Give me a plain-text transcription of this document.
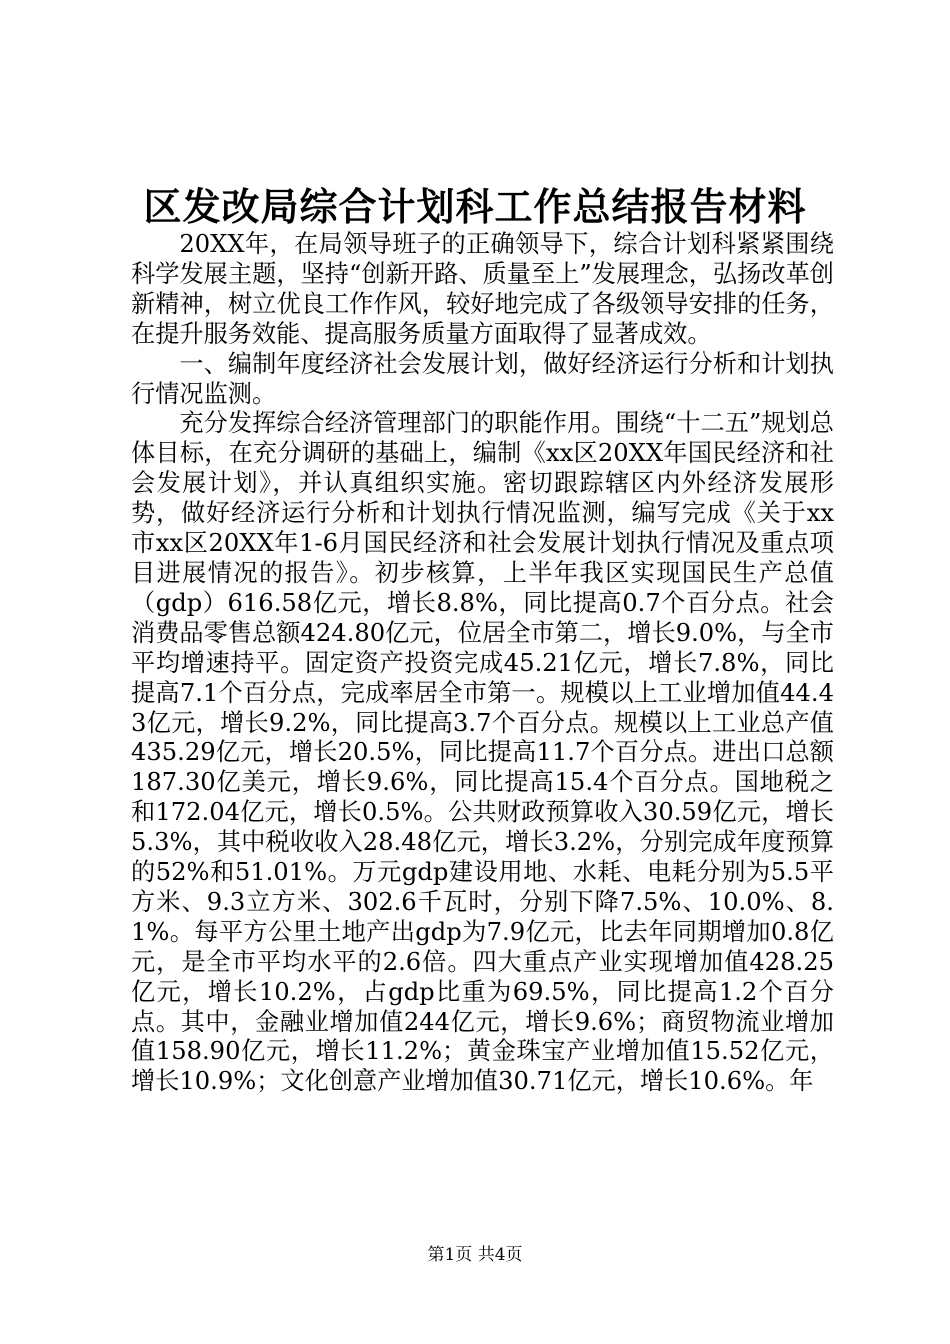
区发改局综合计划科工作总结报告材料

20XX年，在局领导班子的正确领导下，综合计划科紧紧围绕科学发展主题，坚持“创新开路、质量至上”发展理念，弘扬改革创新精神，树立优良工作作风，较好地完成了各级领导安排的任务，在提升服务效能、提高服务质量方面取得了显著成效。

一、编制年度经济社会发展计划，做好经济运行分析和计划执行情况监测。

充分发挥综合经济管理部门的职能作用。围绕“十二五”规划总体目标，在充分调研的基础上，编制《xx区20XX年国民经济和社会发展计划》，并认真组织实施。密切跟踪辖区内外经济发展形势，做好经济运行分析和计划执行情况监测，编写完成《关于xx市xx区20XX年1-6月国民经济和社会发展计划执行情况及重点项目进展情况的报告》。初步核算，上半年我区实现国民生产总值（gdp）616.58亿元，增长8.8%，同比提高0.7个百分点。社会消费品零售总额424.80亿元，位居全市第二，增长9.0%，与全市平均增速持平。固定资产投资完成45.21亿元，增长7.8%，同比提高7.1个百分点，完成率居全市第一。规模以上工业增加值44.43亿元，增长9.2%，同比提高3.7个百分点。规模以上工业总产值435.29亿元，增长20.5%，同比提高11.7个百分点。进出口总额187.30亿美元，增长9.6%，同比提高15.4个百分点。国地税之和172.04亿元，增长0.5%。公共财政预算收入30.59亿元，增长5.3%，其中税收收入28.48亿元，增长3.2%，分别完成年度预算的52%和51.01%。万元gdp建设用地、水耗、电耗分别为5.5平方米、9.3立方米、302.6千瓦时，分别下降7.5%、10.0%、8.1%。每平方公里土地产出gdp为7.9亿元，比去年同期增加0.8亿元，是全市平均水平的2.6倍。四大重点产业实现增加值428.25亿元，增长10.2%，占gdp比重为69.5%，同比提高1.2个百分点。其中，金融业增加值244亿元，增长9.6%；商贸物流业增加值158.90亿元，增长11.2%；黄金珠宝产业增加值15.52亿元，增长10.9%；文化创意产业增加值30.71亿元，增长10.6%。年

第1页 共4页
